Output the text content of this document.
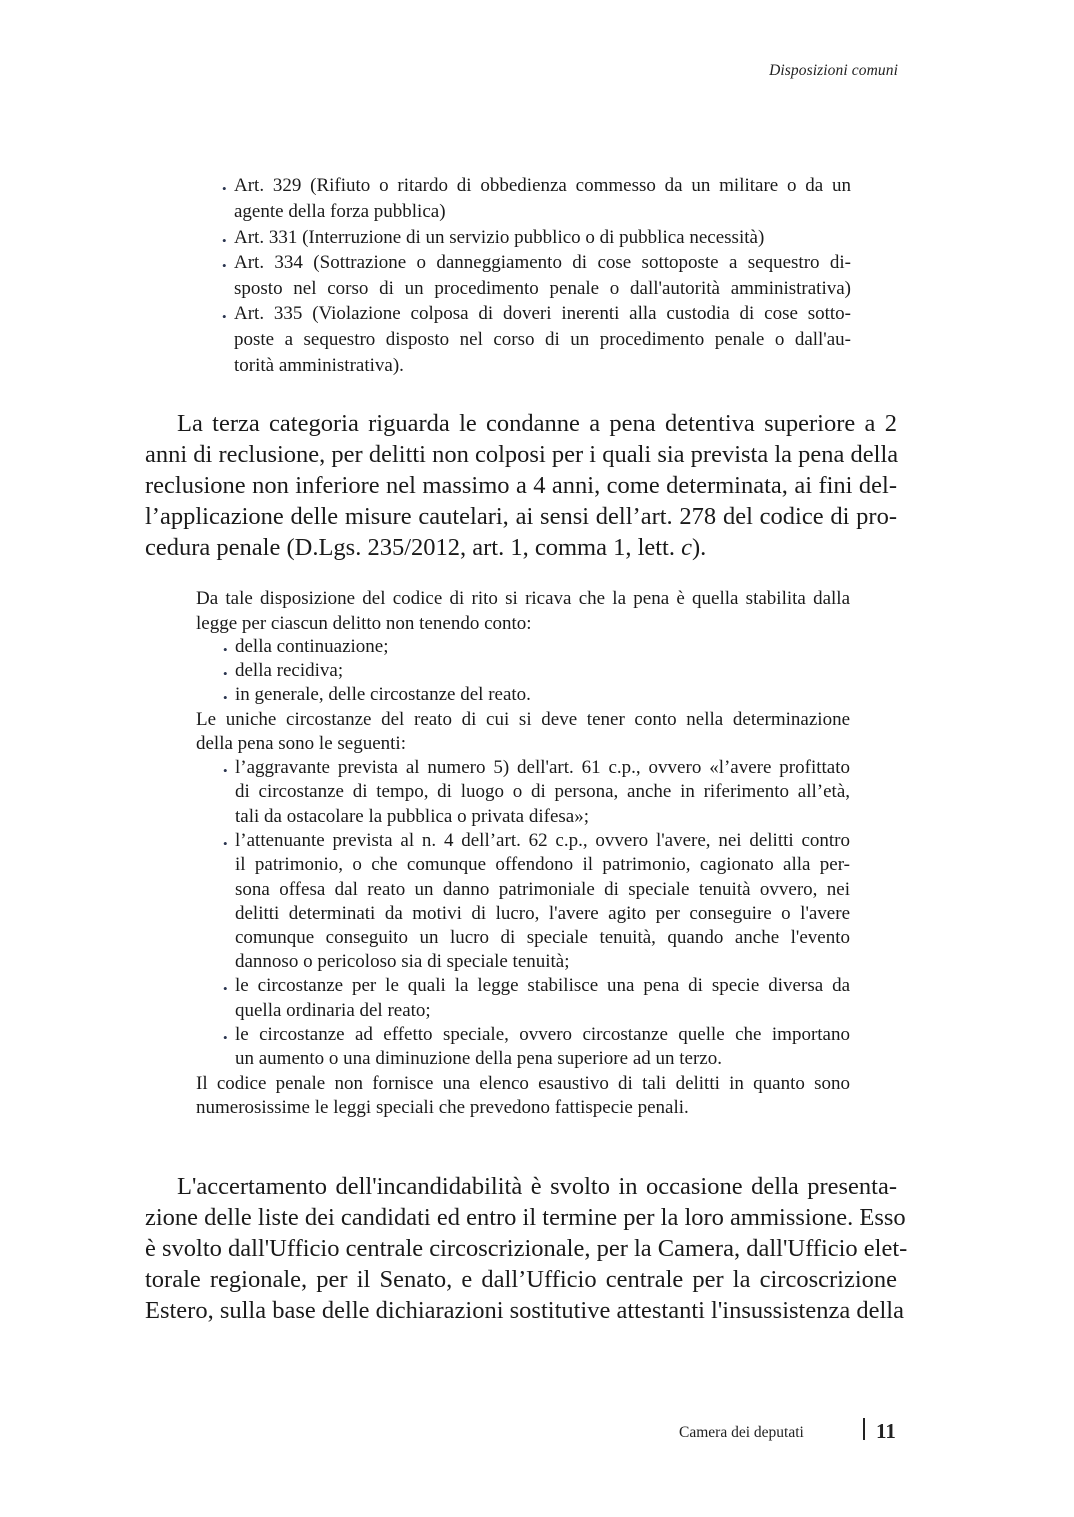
Disposizioni comuni
• Art. 329 (Rifiuto o ritardo di obbedienza commesso da un militare o da un
agente della forza pubblica)
• Art. 331 (Interruzione di un servizio pubblico o di pubblica necessità)
• Art. 334 (Sottrazione o danneggiamento di cose sottoposte a sequestro di-
sposto nel corso di un procedimento penale o dall'autorità amministrativa)
• Art. 335 (Violazione colposa di doveri inerenti alla custodia di cose sotto-
poste a sequestro disposto nel corso di un procedimento penale o dall'au-
torità amministrativa).
La terza categoria riguarda le condanne a pena detentiva superiore a 2
anni di reclusione, per delitti non colposi per i quali sia prevista la pena della
reclusione non inferiore nel massimo a 4 anni, come determinata, ai fini del-
l’applicazione delle misure cautelari, ai sensi dell’art. 278 del codice di pro-
cedura penale (D.Lgs. 235/2012, art. 1, comma 1, lett. c).
Da tale disposizione del codice di rito si ricava che la pena è quella stabilita dalla
legge per ciascun delitto non tenendo conto:
• della continuazione;
• della recidiva;
• in generale, delle circostanze del reato.
Le uniche circostanze del reato di cui si deve tener conto nella determinazione
della pena sono le seguenti:
• l’aggravante prevista al numero 5) dell'art. 61 c.p., ovvero «l’avere profittato
di circostanze di tempo, di luogo o di persona, anche in riferimento all’età,
tali da ostacolare la pubblica o privata difesa»;
• l’attenuante prevista al n. 4 dell’art. 62 c.p., ovvero l'avere, nei delitti contro
il patrimonio, o che comunque offendono il patrimonio, cagionato alla per-
sona offesa dal reato un danno patrimoniale di speciale tenuità ovvero, nei
delitti determinati da motivi di lucro, l'avere agito per conseguire o l'avere
comunque conseguito un lucro di speciale tenuità, quando anche l'evento
dannoso o pericoloso sia di speciale tenuità;
• le circostanze per le quali la legge stabilisce una pena di specie diversa da
quella ordinaria del reato;
• le circostanze ad effetto speciale, ovvero circostanze quelle che importano
un aumento o una diminuzione della pena superiore ad un terzo.
Il codice penale non fornisce una elenco esaustivo di tali delitti in quanto sono
numerosissime le leggi speciali che prevedono fattispecie penali.
L'accertamento dell'incandidabilità è svolto in occasione della presenta-
zione delle liste dei candidati ed entro il termine per la loro ammissione. Esso
è svolto dall'Ufficio centrale circoscrizionale, per la Camera, dall'Ufficio elet-
torale regionale, per il Senato, e dall’Ufficio centrale per la circoscrizione
Estero, sulla base delle dichiarazioni sostitutive attestanti l'insussistenza della
Camera dei deputati	11
